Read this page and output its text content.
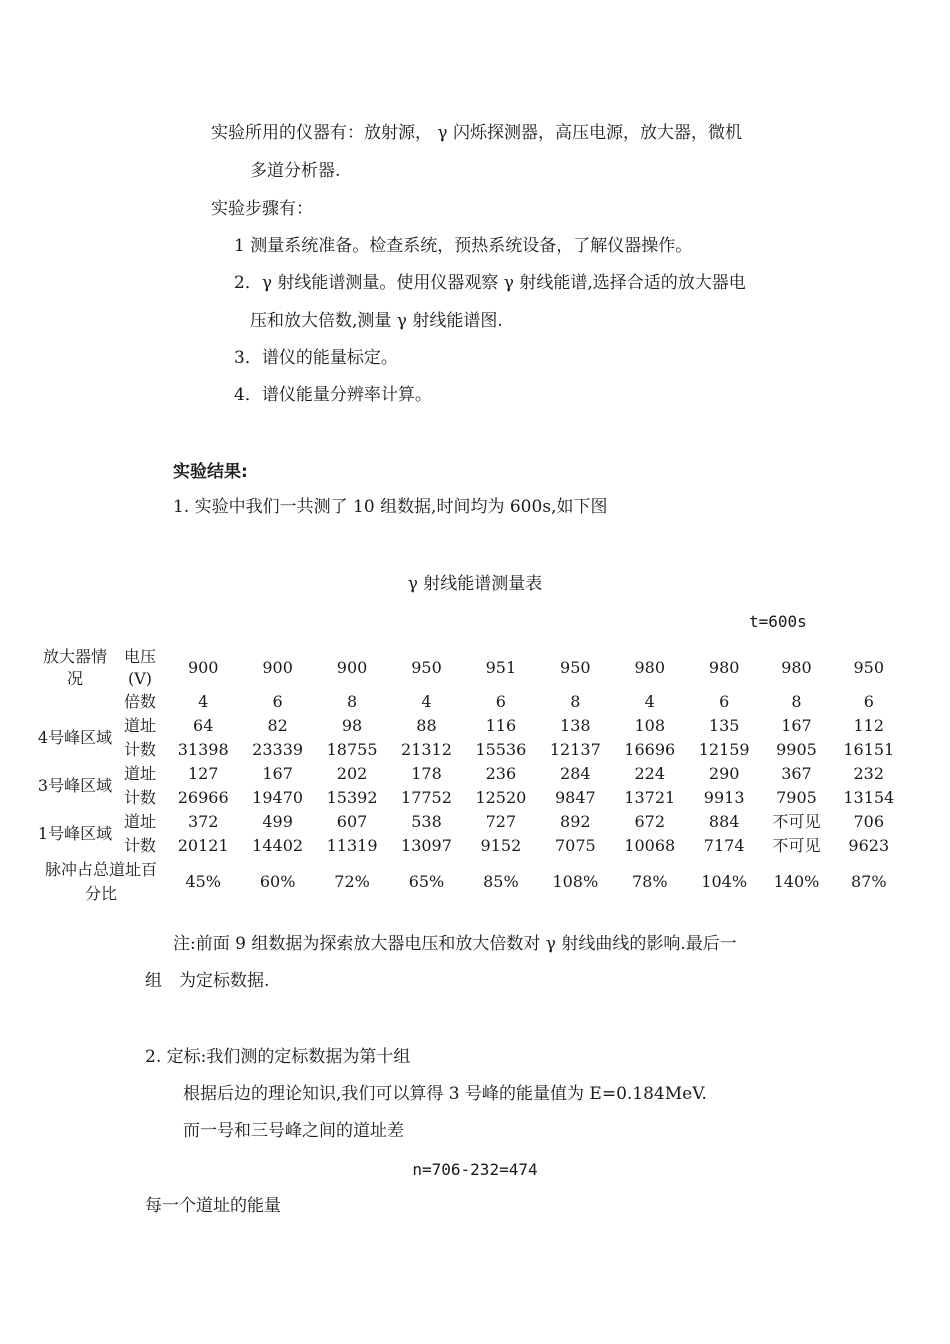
实验所用的仪器有：放射源， γ 闪烁探测器，高压电源，放大器，微机
多道分析器.
实验步骤有：
1 测量系统准备。检查系统，预热系统设备，了解仪器操作。
2．γ 射线能谱测量。使用仪器观察 γ 射线能谱,选择合适的放大器电
压和放大倍数,测量 γ 射线能谱图.
3．谱仪的能量标定。
4．谱仪能量分辨率计算。
实验结果:
1. 实验中我们一共测了 10 组数据,时间均为 600s,如下图
γ 射线能谱测量表
t=600s
放大器情况	电压(V)	900	900	900	950	951	950	980	980	980	950
	倍数	4	6	8	4	6	8	4	6	8	6
4号峰区域	道址	64	82	98	88	116	138	108	135	167	112
	计数	31398	23339	18755	21312	15536	12137	16696	12159	9905	16151
3号峰区域	道址	127	167	202	178	236	284	224	290	367	232
	计数	26966	19470	15392	17752	12520	9847	13721	9913	7905	13154
1号峰区域	道址	372	499	607	538	727	892	672	884	不可见	706
	计数	20121	14402	11319	13097	9152	7075	10068	7174	不可见	9623
脉冲占总道址百分比		45%	60%	72%	65%	85%	108%	78%	104%	140%	87%
注:前面 9 组数据为探索放大器电压和放大倍数对 γ 射线曲线的影响.最后一
组　为定标数据.
2. 定标:我们测的定标数据为第十组
根据后边的理论知识,我们可以算得 3 号峰的能量值为 E=0.184MeV.
而一号和三号峰之间的道址差
n=706-232=474
每一个道址的能量
